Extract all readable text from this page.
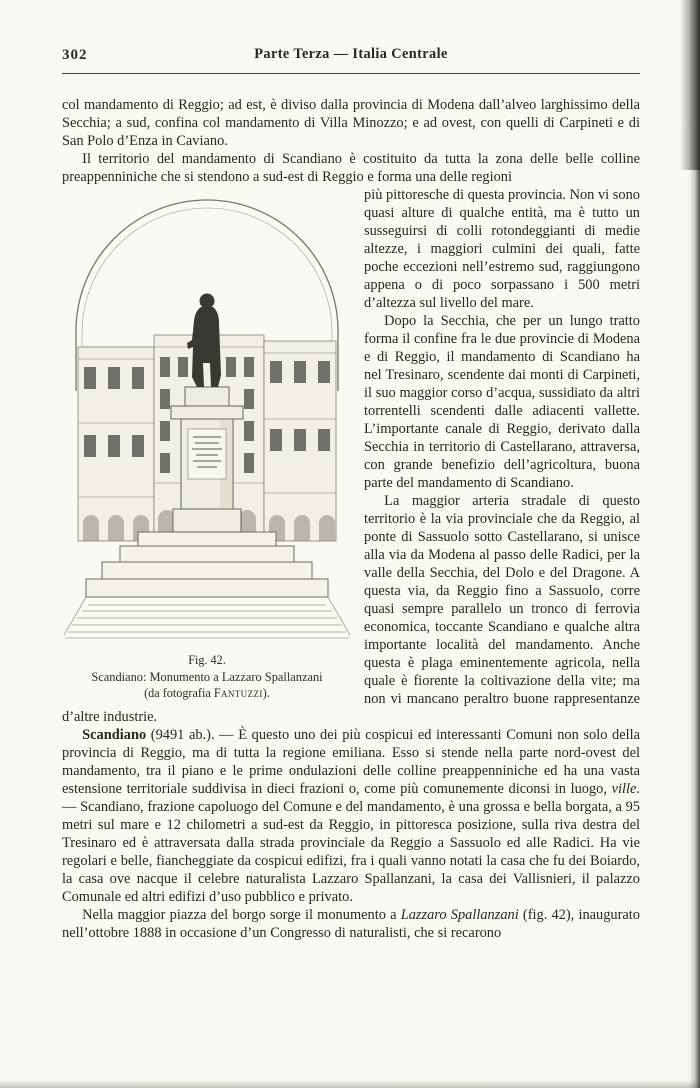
302	Parte Terza — Italia Centrale

col mandamento di Reggio; ad est, è diviso dalla provincia di Modena dall’alveo larghissimo della Secchia; a sud, confina col mandamento di Villa Minozzo; e ad ovest, con quelli di Carpineti e di San Polo d’Enza in Caviano.

Il territorio del mandamento di Scandiano è costituito da tutta la zona delle belle colline preappenniniche che si stendono a sud-est di Reggio e forma una delle regioni

Fig. 42.
Scandiano: Monumento a Lazzaro Spallanzani
(da fotografia Fantuzzi).

più pittoresche di questa provincia. Non vi sono quasi alture di qualche entità, ma è tutto un susseguirsi di colli rotondeggianti di medie altezze, i maggiori culmini dei quali, fatte poche eccezioni nell’estremo sud, raggiungono appena o di poco sorpassano i 500 metri d’altezza sul livello del mare.

Dopo la Secchia, che per un lungo tratto forma il confine fra le due provincie di Modena e di Reggio, il mandamento di Scandiano ha nel Tresinaro, scendente dai monti di Carpineti, il suo maggior corso d’acqua, sussidiato da altri torrentelli scendenti dalle adiacenti vallette. L’importante canale di Reggio, derivato dalla Secchia in territorio di Castellarano, attraversa, con grande benefizio dell’agricoltura, buona parte del mandamento di Scandiano.

La maggior arteria stradale di questo territorio è la via provinciale che da Reggio, al ponte di Sassuolo sotto Castellarano, si unisce alla via da Modena al passo delle Radici, per la valle della Secchia, del Dolo e del Dragone. A questa via, da Reggio fino a Sassuolo, corre quasi sempre parallelo un tronco di ferrovia economica, toccante Scandiano e qualche altra importante località del mandamento. Anche questa è plaga eminentemente agricola, nella quale è fiorente la coltivazione della vite; ma non vi mancano peraltro buone rappresentanze d’altre industrie.

Scandiano (9491 ab.). — È questo uno dei più cospicui ed interessanti Comuni non solo della provincia di Reggio, ma di tutta la regione emiliana. Esso si stende nella parte nord-ovest del mandamento, tra il piano e le prime ondulazioni delle colline preappenniniche ed ha una vasta estensione territoriale suddivisa in dieci frazioni o, come più comunemente diconsi in luogo, ville. — Scandiano, frazione capoluogo del Comune e del mandamento, è una grossa e bella borgata, a 95 metri sul mare e 12 chilometri a sud-est da Reggio, in pittoresca posizione, sulla riva destra del Tresinaro ed è attraversata dalla strada provinciale da Reggio a Sassuolo ed alle Radici. Ha vie regolari e belle, fiancheggiate da cospicui edifizi, fra i quali vanno notati la casa che fu dei Boiardo, la casa ove nacque il celebre naturalista Lazzaro Spallanzani, la casa dei Vallisnieri, il palazzo Comunale ed altri edifizi d’uso pubblico e privato.

Nella maggior piazza del borgo sorge il monumento a Lazzaro Spallanzani (fig. 42), inaugurato nell’ottobre 1888 in occasione d’un Congresso di naturalisti, che si recarono
